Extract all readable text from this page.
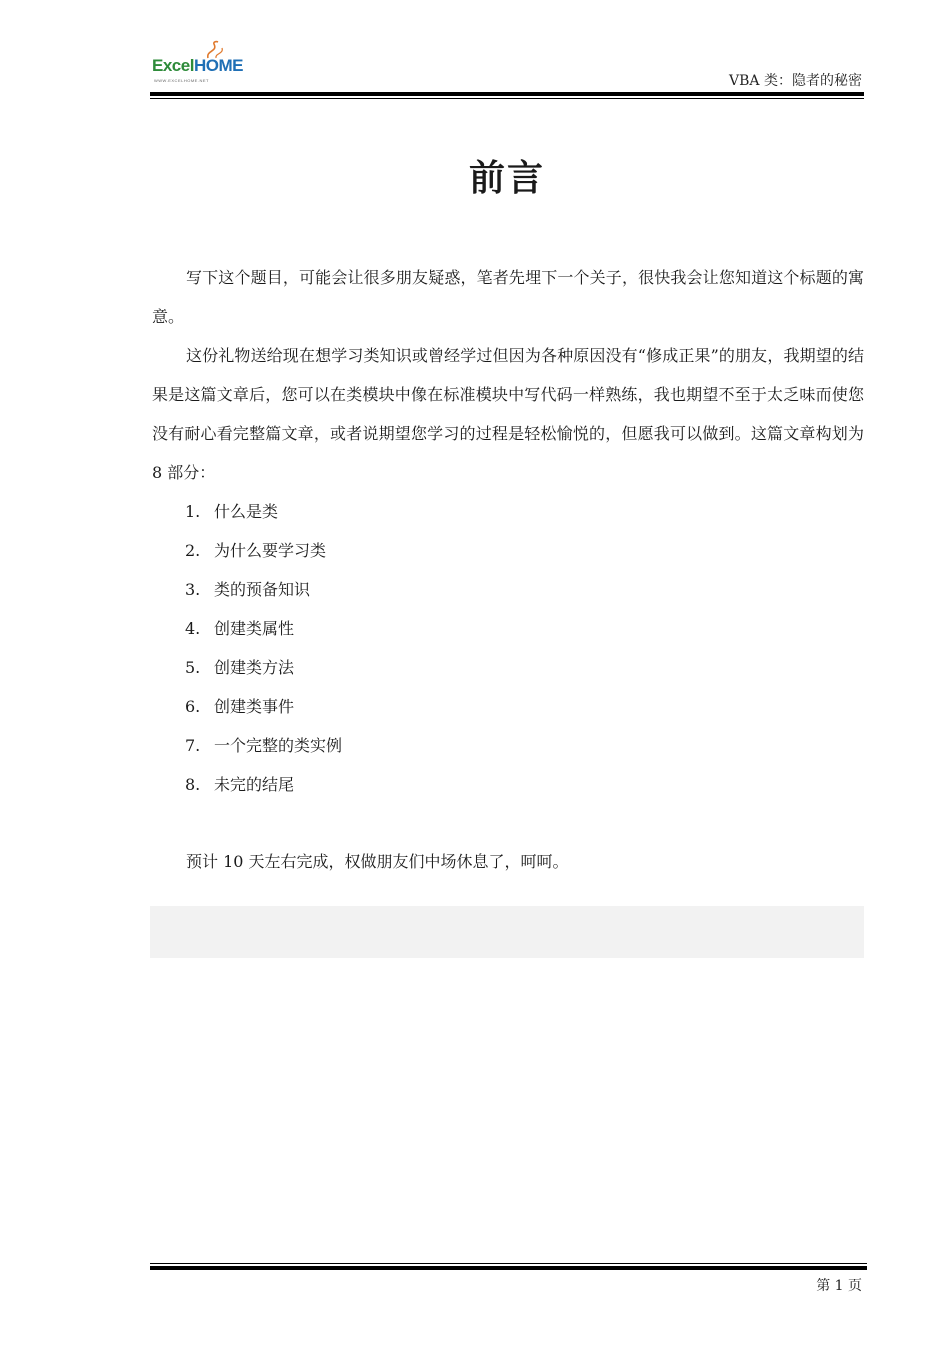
ExcelHOME
WWW.EXCELHOME.NET	VBA 类：隐者的秘密
前言

写下这个题目，可能会让很多朋友疑惑，笔者先埋下一个关子，很快我会让您知道这个标题的寓意。

这份礼物送给现在想学习类知识或曾经学过但因为各种原因没有“修成正果”的朋友，我期望的结果是这篇文章后，您可以在类模块中像在标准模块中写代码一样熟练，我也期望不至于太乏味而使您没有耐心看完整篇文章，或者说期望您学习的过程是轻松愉悦的，但愿我可以做到。这篇文章构划为 8 部分：

1. 什么是类
2. 为什么要学习类
3. 类的预备知识
4. 创建类属性
5. 创建类方法
6. 创建类事件
7. 一个完整的类实例
8. 未完的结尾
预计 10 天左右完成，权做朋友们中场休息了，呵呵。
第 1 页
